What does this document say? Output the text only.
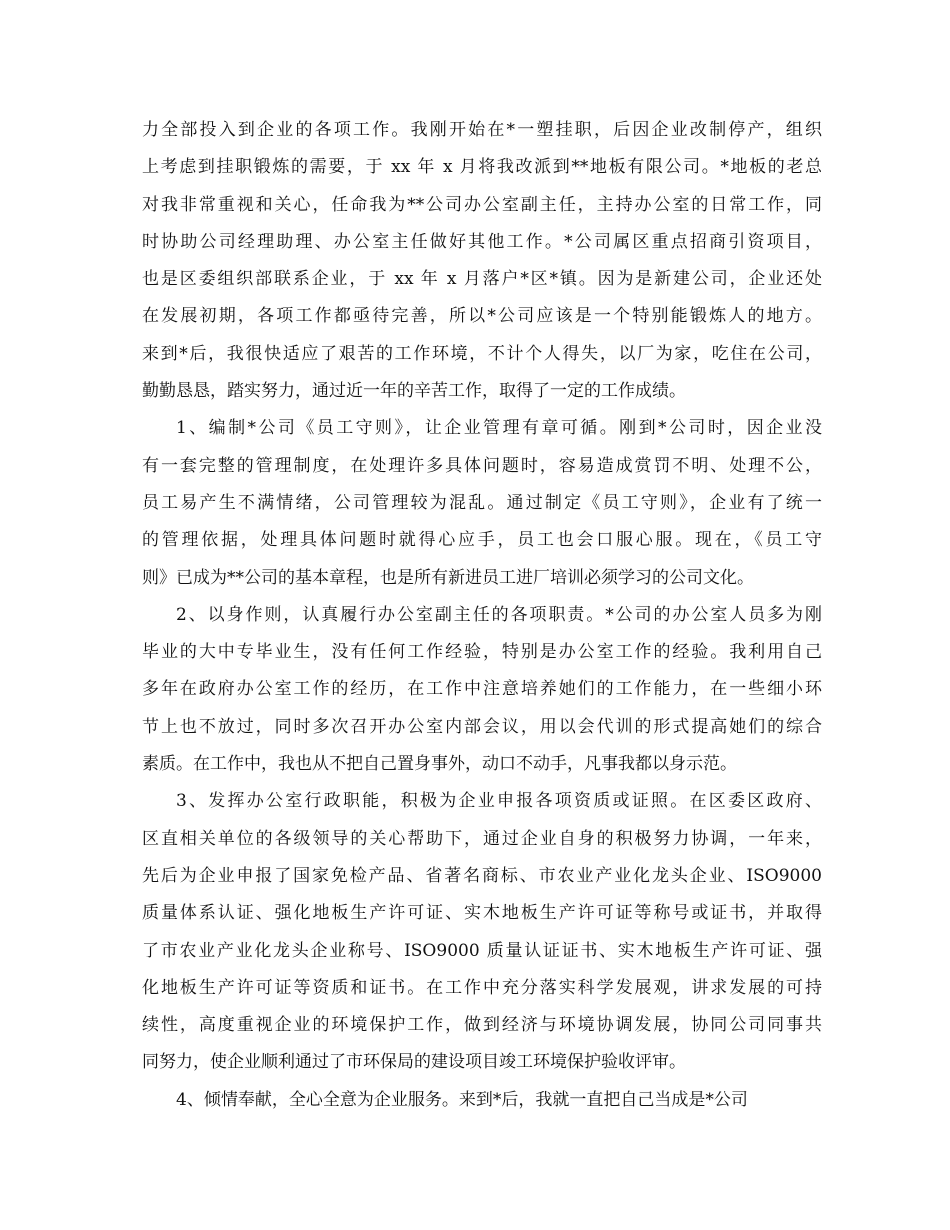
力全部投入到企业的各项工作。我刚开始在*一塑挂职，后因企业改制停产，组织
上考虑到挂职锻炼的需要，于 xx 年 x 月将我改派到**地板有限公司。*地板的老总
对我非常重视和关心，任命我为**公司办公室副主任，主持办公室的日常工作，同
时协助公司经理助理、办公室主任做好其他工作。*公司属区重点招商引资项目，
也是区委组织部联系企业，于 xx 年 x 月落户*区*镇。因为是新建公司，企业还处
在发展初期，各项工作都亟待完善，所以*公司应该是一个特别能锻炼人的地方。
来到*后，我很快适应了艰苦的工作环境，不计个人得失，以厂为家，吃住在公司，
勤勤恳恳，踏实努力，通过近一年的辛苦工作，取得了一定的工作成绩。
1、编制*公司《员工守则》，让企业管理有章可循。刚到*公司时，因企业没
有一套完整的管理制度，在处理许多具体问题时，容易造成赏罚不明、处理不公，
员工易产生不满情绪，公司管理较为混乱。通过制定《员工守则》，企业有了统一
的管理依据，处理具体问题时就得心应手，员工也会口服心服。现在，《员工守
则》已成为**公司的基本章程，也是所有新进员工进厂培训必须学习的公司文化。
2、以身作则，认真履行办公室副主任的各项职责。*公司的办公室人员多为刚
毕业的大中专毕业生，没有任何工作经验，特别是办公室工作的经验。我利用自己
多年在政府办公室工作的经历，在工作中注意培养她们的工作能力，在一些细小环
节上也不放过，同时多次召开办公室内部会议，用以会代训的形式提高她们的综合
素质。在工作中，我也从不把自己置身事外，动口不动手，凡事我都以身示范。
3、发挥办公室行政职能，积极为企业申报各项资质或证照。在区委区政府、
区直相关单位的各级领导的关心帮助下，通过企业自身的积极努力协调，一年来，
先后为企业申报了国家免检产品、省著名商标、市农业产业化龙头企业、ISO9000
质量体系认证、强化地板生产许可证、实木地板生产许可证等称号或证书，并取得
了市农业产业化龙头企业称号、ISO9000 质量认证证书、实木地板生产许可证、强
化地板生产许可证等资质和证书。在工作中充分落实科学发展观，讲求发展的可持
续性，高度重视企业的环境保护工作，做到经济与环境协调发展，协同公司同事共
同努力，使企业顺利通过了市环保局的建设项目竣工环境保护验收评审。
4、倾情奉献，全心全意为企业服务。来到*后，我就一直把自己当成是*公司
